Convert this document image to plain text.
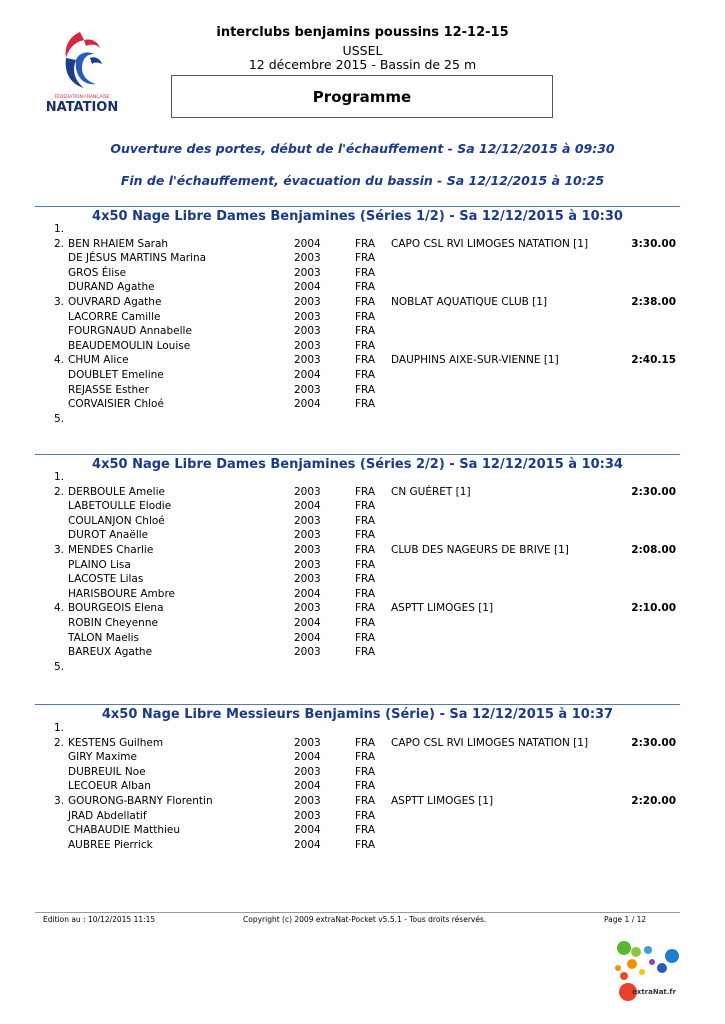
FÉDÉRATION FRANÇAISE
NATATION
interclubs benjamins poussins 12-12-15
USSEL
12 décembre 2015 - Bassin de 25 m
Programme
Ouverture des portes, début de l'échauffement - Sa 12/12/2015 à 09:30
Fin de l'échauffement, évacuation du bassin - Sa 12/12/2015 à 10:25
4x50 Nage Libre Dames Benjamines (Séries 1/2) - Sa 12/12/2015 à 10:30
1.
2. BEN RHAIEM Sarah	2004	FRA CAPO CSL RVI LIMOGES NATATION [1]	3:30.00
DE JÉSUS MARTINS Marina	2003	FRA
GROS Élise	2003	FRA
DURAND Agathe	2004	FRA
3. OUVRARD Agathe	2003	FRA NOBLAT AQUATIQUE CLUB [1]	2:38.00
LACORRE Camille	2003	FRA
FOURGNAUD Annabelle	2003	FRA
BEAUDEMOULIN Louise	2003	FRA
4. CHUM Alice	2003	FRA DAUPHINS AIXE-SUR-VIENNE [1]	2:40.15
DOUBLET Emeline	2004	FRA
REJASSE Esther	2003	FRA
CORVAISIER Chloé	2004	FRA
5.
4x50 Nage Libre Dames Benjamines (Séries 2/2) - Sa 12/12/2015 à 10:34
1.
2. DERBOULE Amelie	2003	FRA CN GUÉRET [1]	2:30.00
LABETOULLE Elodie	2004	FRA
COULANJON Chloé	2003	FRA
DUROT Anaëlle	2003	FRA
3. MENDES Charlie	2003	FRA CLUB DES NAGEURS DE BRIVE [1]	2:08.00
PLAINO Lisa	2003	FRA
LACOSTE Lilas	2003	FRA
HARISBOURE Ambre	2004	FRA
4. BOURGEOIS Elena	2003	FRA ASPTT LIMOGES [1]	2:10.00
ROBIN Cheyenne	2004	FRA
TALON Maelis	2004	FRA
BAREUX Agathe	2003	FRA
5.
4x50 Nage Libre Messieurs Benjamins (Série) - Sa 12/12/2015 à 10:37
1.
2. KESTENS Guilhem	2003	FRA CAPO CSL RVI LIMOGES NATATION [1]	2:30.00
GIRY Maxime	2004	FRA
DUBREUIL Noe	2003	FRA
LECOEUR Alban	2004	FRA
3. GOURONG-BARNY Florentin	2003	FRA ASPTT LIMOGES [1]	2:20.00
JRAD Abdellatif	2003	FRA
CHABAUDIE Matthieu	2004	FRA
AUBREE Pierrick	2004	FRA
Edition au : 10/12/2015 11:15	Copyright (c) 2009 extraNat-Pocket v5.5.1 - Tous droits réservés.	Page 1 / 12
extraNat.fr
